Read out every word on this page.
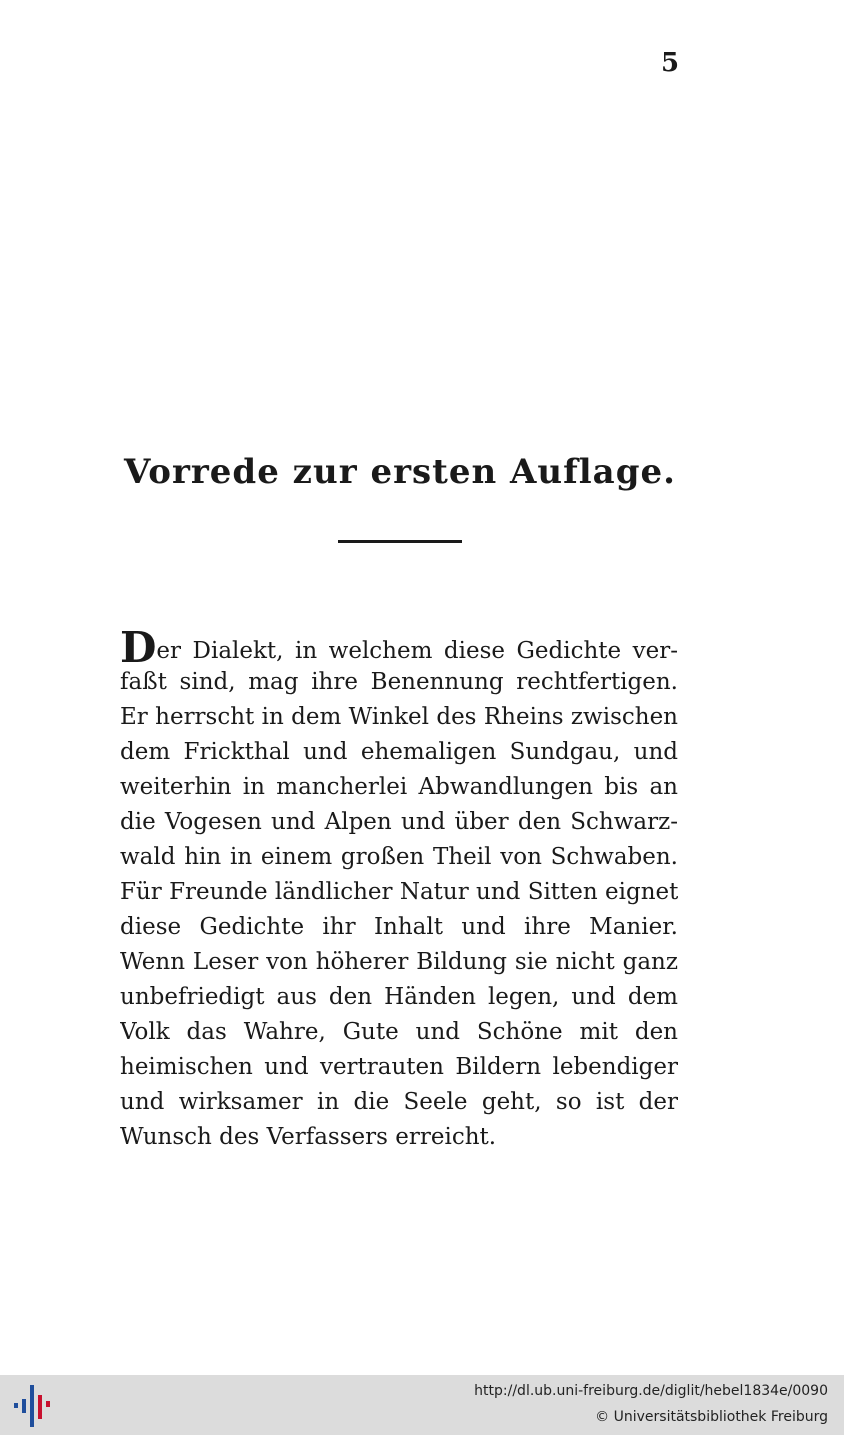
5
Vorrede zur ersten Auflage.
Der Dialekt, in welchem diese Gedichte ver-
faßt sind, mag ihre Benennung rechtfertigen.
Er herrscht in dem Winkel des Rheins zwischen
dem Frickthal und ehemaligen Sundgau, und
weiterhin in mancherlei Abwandlungen bis an
die Vogesen und Alpen und über den Schwarz-
wald hin in einem großen Theil von Schwaben.
Für Freunde ländlicher Natur und Sitten eignet
diese Gedichte ihr Inhalt und ihre Manier.
Wenn Leser von höherer Bildung sie nicht ganz
unbefriedigt aus den Händen legen, und dem
Volk das Wahre, Gute und Schöne mit den
heimischen und vertrauten Bildern lebendiger
und wirksamer in die Seele geht, so ist der
Wunsch des Verfassers erreicht.
http://dl.ub.uni-freiburg.de/diglit/hebel1834e/0090
© Universitätsbibliothek Freiburg
